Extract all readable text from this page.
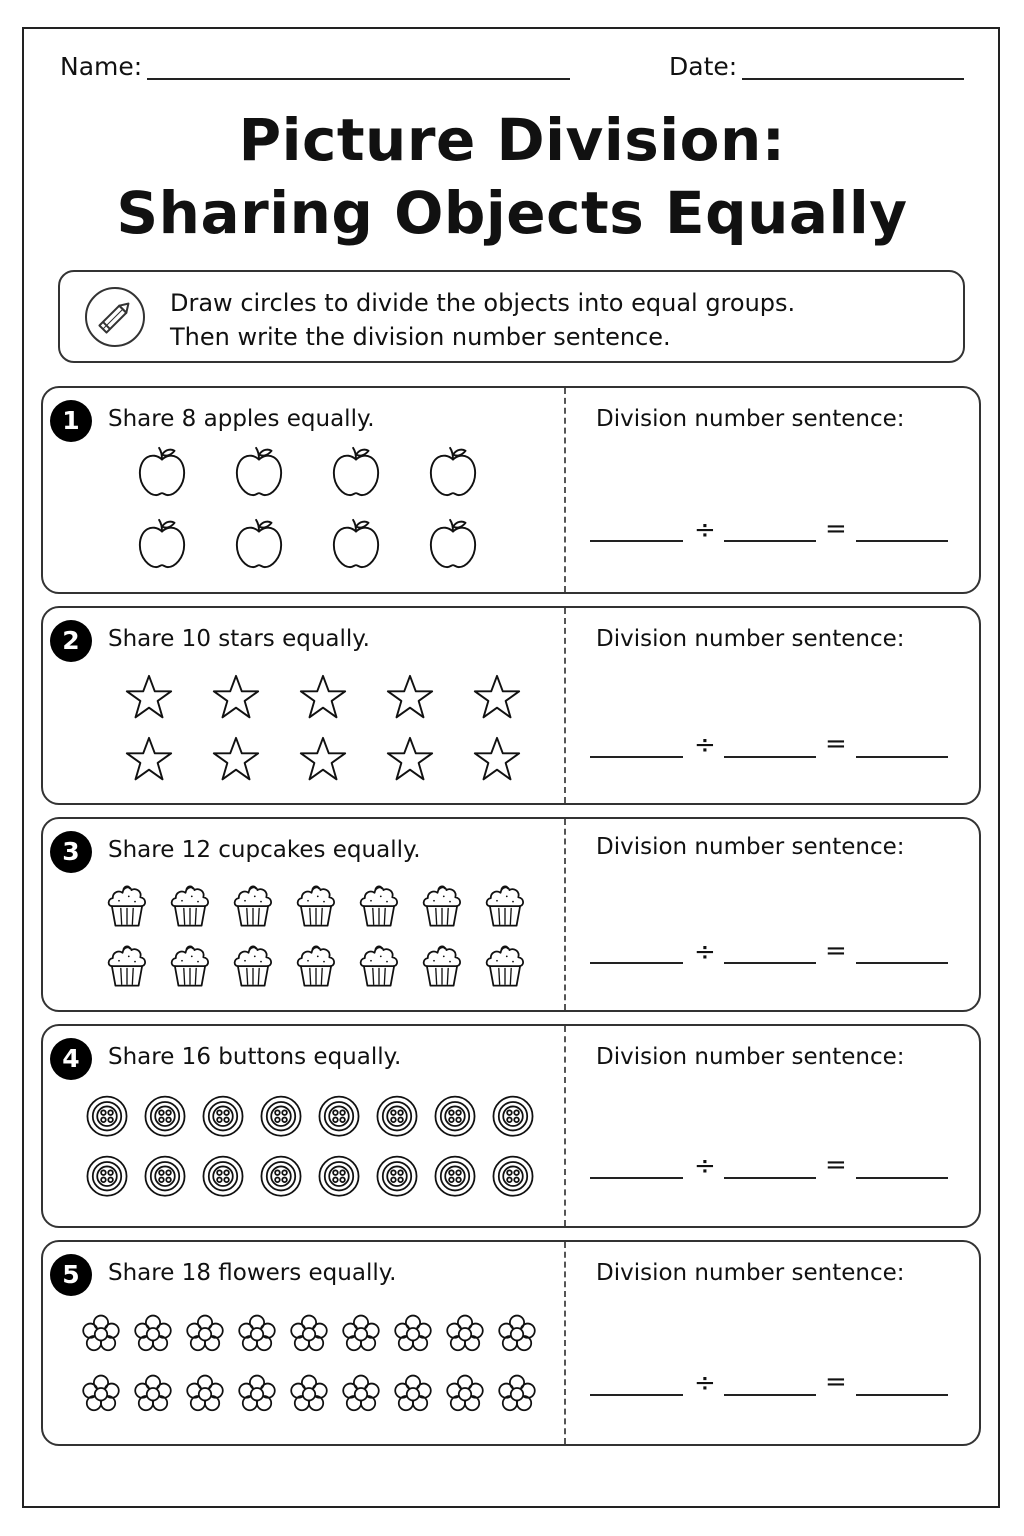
Name:	Date:
Picture Division:
Sharing Objects Equally
Draw circles to divide the objects into equal groups.
Then write the division number sentence.
1	Share 8 apples equally.	Division number sentence:
÷	=
2	Share 10 stars equally.	Division number sentence:
÷	=
3	Share 12 cupcakes equally.	Division number sentence:
÷	=
4	Share 16 buttons equally.	Division number sentence:
÷	=
5	Share 18 flowers equally.	Division number sentence:
÷	=
